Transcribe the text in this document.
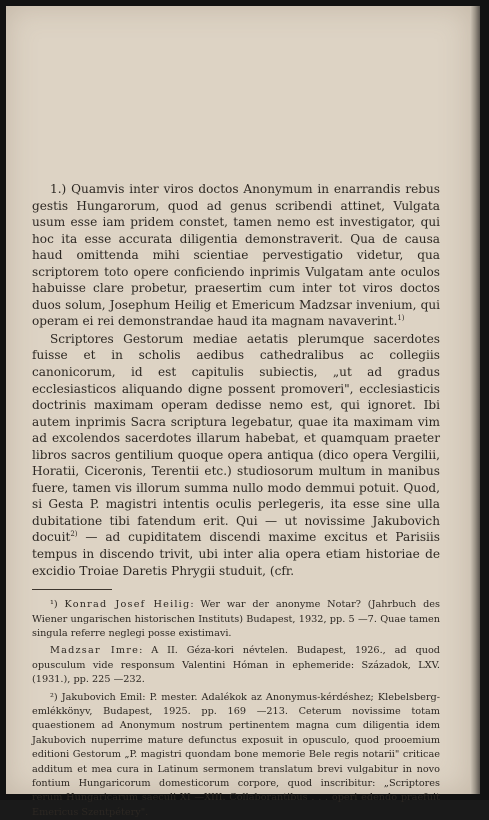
1.) Quamvis inter viros doctos Anonymum in enarrandis rebus gestis Hungarorum, quod ad genus scribendi attinet, Vulgata usum esse iam pridem constet, tamen nemo est investigator, qui hoc ita esse accurata diligentia demonstraverit. Qua de causa haud omittenda mihi scientiae pervestigatio videtur, qua scriptorem toto opere conficiendo inprimis Vulgatam ante oculos habuisse clare probetur, praesertim cum inter tot viros doctos duos solum, Josephum Heilig et Emericum Madzsar invenium, qui operam ei rei demonstrandae haud ita magnam navaverint.$^{1)}$

Scriptores Gestorum mediae aetatis plerumque sacerdotes fuisse et in scholis aedibus cathedralibus ac collegiis canonicorum, id est capitulis subiectis, „ut ad gradus ecclesiasticos aliquando digne possent promoveri", ecclesiasticis doctrinis maximam operam dedisse nemo est, qui ignoret. Ibi autem inprimis Sacra scriptura legebatur, quae ita maximam vim ad excolendos sacerdotes illarum habebat, et quamquam praeter libros sacros gentilium quoque opera antiqua (dico opera Vergilii, Horatii, Ciceronis, Terentii etc.) studiosorum multum in manibus fuere, tamen vis illorum summa nullo modo demmui potuit. Quod, si Gesta P. magistri intentis oculis perlegeris, ita esse sine ulla dubitatione tibi fatendum erit. Qui — ut novissime Jakubovich docuit$^{2)}$ — ad cupiditatem discendi maxime excitus et Parisiis tempus in discendo trivit, ubi inter alia opera etiam historiae de excidio Troiae Daretis Phrygii studuit, (cfr.

¹) Konrad Josef Heilig: Wer war der anonyme Notar? (Jahrbuch des Wiener ungarischen historischen Instituts) Budapest, 1932, pp. 5 —7. Quae tamen singula referre neglegi posse existimavi.

Madzsar Imre: A II. Géza-kori névtelen. Budapest, 1926., ad quod opusculum vide responsum Valentini Hóman in ephemeride: Századok, LXV. (1931.), pp. 225 —232.

²) Jakubovich Emil: P. mester. Adalékok az Anonymus-kérdéshez; Klebelsberg-emlékkönyv, Budapest, 1925. pp. 169 —213. Ceterum novissime totam quaestionem ad Anonymum nostrum pertinentem magna cum diligentia idem Jakubovich nuperrime mature defunctus exposuit in opusculo, quod prooemium editioni Gestorum „P. magistri quondam bone memorie Bele regis notarii" criticae additum et mea cura in Latinum sermonem translatum brevi vulgabitur in novo fontium Hungaricorum domesticorum corpore, quod inscribitur: „Scriptores rerum Hungaricarum saeculi XI —XIII. Collaborantibus . . . operi edendo praefuit Emericus Szentpétery".
